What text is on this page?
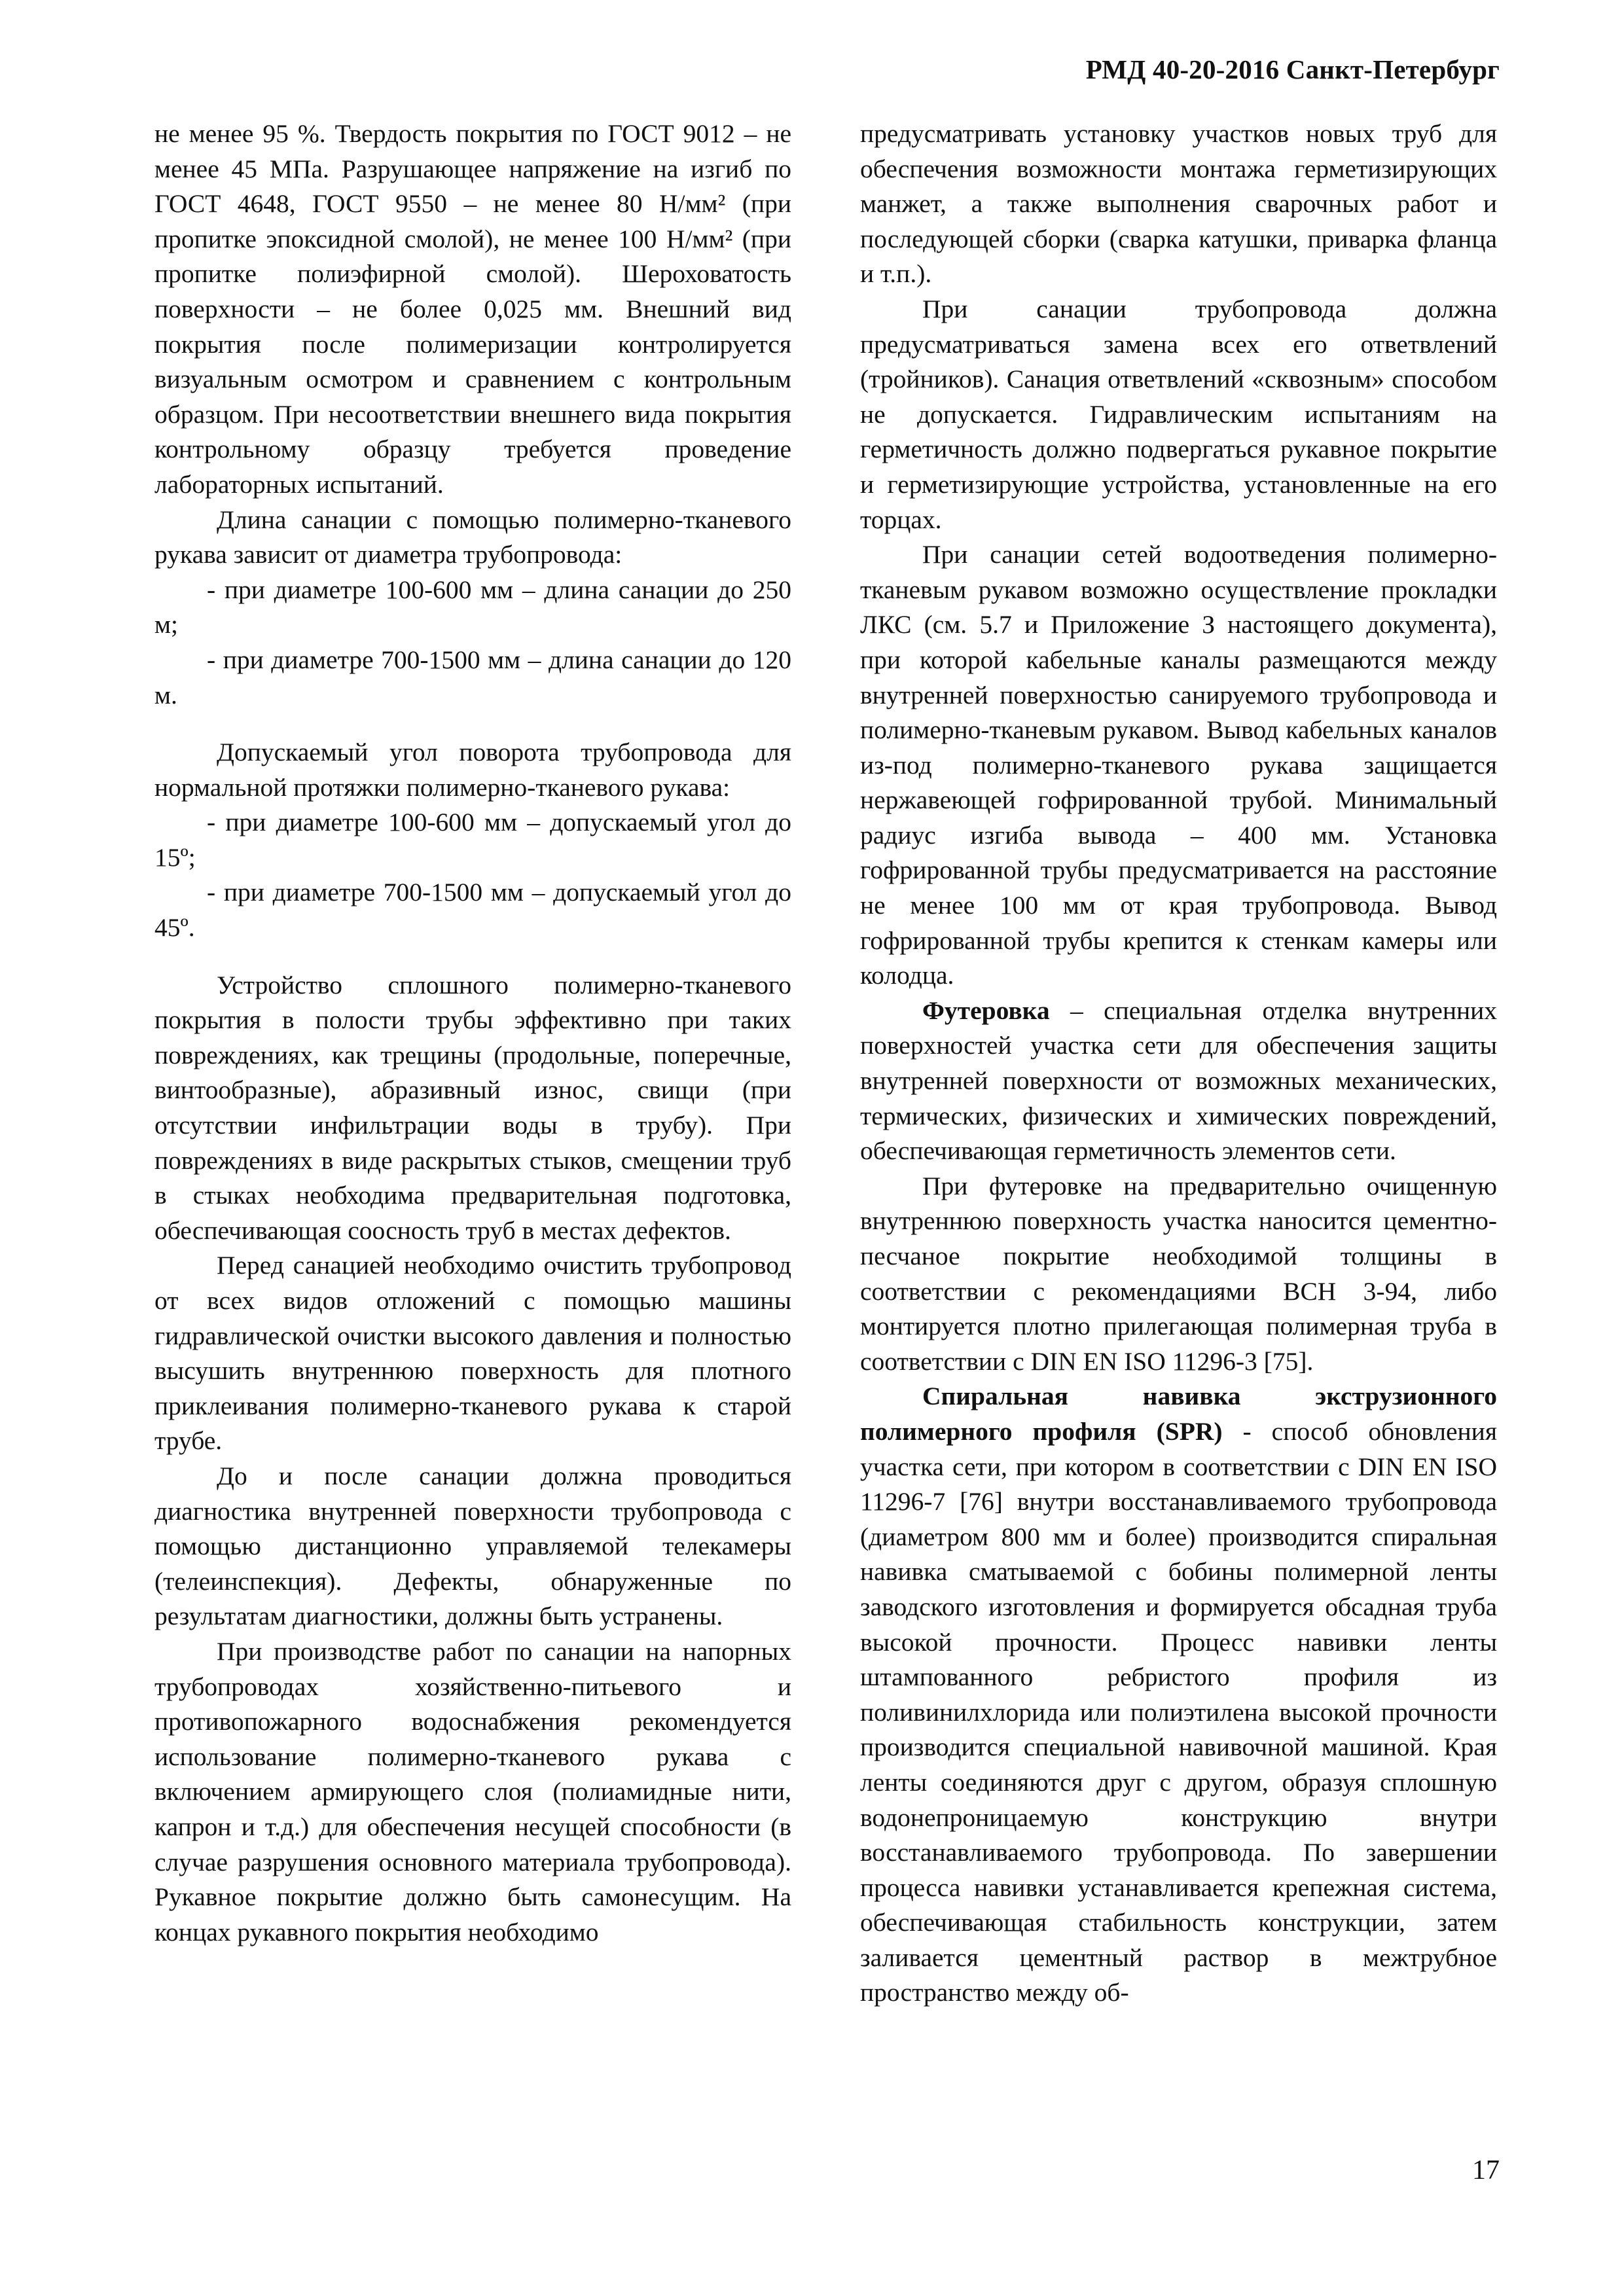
РМД 40-20-2016 Санкт-Петербург

не менее 95 %. Твердость покрытия по ГОСТ 9012 – не менее 45 МПа. Разрушающее напряжение на изгиб по ГОСТ 4648, ГОСТ 9550 – не менее 80 Н/мм² (при пропитке эпоксидной смолой), не менее 100 Н/мм² (при пропитке полиэфирной смолой). Шероховатость поверхности – не более 0,025 мм. Внешний вид покрытия после полимеризации контролируется визуальным осмотром и сравнением с контрольным образцом. При несоответствии внешнего вида покрытия контрольному образцу требуется проведение лабораторных испытаний.

Длина санации с помощью полимерно-тканевого рукава зависит от диаметра трубопровода:

- при диаметре 100-600 мм – длина санации до 250 м;

- при диаметре 700-1500 мм – длина санации до 120 м.

Допускаемый угол поворота трубопровода для нормальной протяжки полимерно-тканевого рукава:

- при диаметре 100-600 мм – допускаемый угол до 15º;

- при диаметре 700-1500 мм – допускаемый угол до 45º.

Устройство сплошного полимерно-тканевого покрытия в полости трубы эффективно при таких повреждениях, как трещины (продольные, поперечные, винтообразные), абразивный износ, свищи (при отсутствии инфильтрации воды в трубу). При повреждениях в виде раскрытых стыков, смещении труб в стыках необходима предварительная подготовка, обеспечивающая соосность труб в местах дефектов.

Перед санацией необходимо очистить трубопровод от всех видов отложений с помощью машины гидравлической очистки высокого давления и полностью высушить внутреннюю поверхность для плотного приклеивания полимерно-тканевого рукава к старой трубе.

До и после санации должна проводиться диагностика внутренней поверхности трубопровода с помощью дистанционно управляемой телекамеры (телеинспекция). Дефекты, обнаруженные по результатам диагностики, должны быть устранены.

При производстве работ по санации на напорных трубопроводах хозяйственно-питьевого и противопожарного водоснабжения рекомендуется использование полимерно-тканевого рукава с включением армирующего слоя (полиамидные нити, капрон и т.д.) для обеспечения несущей способности (в случае разрушения основного материала трубопровода). Рукавное покрытие должно быть самонесущим. На концах рукавного покрытия необходимо

предусматривать установку участков новых труб для обеспечения возможности монтажа герметизирующих манжет, а также выполнения сварочных работ и последующей сборки (сварка катушки, приварка фланца и т.п.).

При санации трубопровода должна предусматриваться замена всех его ответвлений (тройников). Санация ответвлений «сквозным» способом не допускается. Гидравлическим испытаниям на герметичность должно подвергаться рукавное покрытие и герметизирующие устройства, установленные на его торцах.

При санации сетей водоотведения полимерно-тканевым рукавом возможно осуществление прокладки ЛКС (см. 5.7 и Приложение З настоящего документа), при которой кабельные каналы размещаются между внутренней поверхностью санируемого трубопровода и полимерно-тканевым рукавом. Вывод кабельных каналов из-под полимерно-тканевого рукава защищается нержавеющей гофрированной трубой. Минимальный радиус изгиба вывода – 400 мм. Установка гофрированной трубы предусматривается на расстояние не менее 100 мм от края трубопровода. Вывод гофрированной трубы крепится к стенкам камеры или колодца.

Футеровка – специальная отделка внутренних поверхностей участка сети для обеспечения защиты внутренней поверхности от возможных механических, термических, физических и химических повреждений, обеспечивающая герметичность элементов сети.

При футеровке на предварительно очищенную внутреннюю поверхность участка наносится цементно-песчаное покрытие необходимой толщины в соответствии с рекомендациями ВСН 3-94, либо монтируется плотно прилегающая полимерная труба в соответствии с DIN EN ISO 11296-3 [75].

Спиральная навивка экструзионного полимерного профиля (SPR) - способ обновления участка сети, при котором в соответствии с DIN EN ISO 11296-7 [76] внутри восстанавливаемого трубопровода (диаметром 800 мм и более) производится спиральная навивка сматываемой с бобины полимерной ленты заводского изготовления и формируется обсадная труба высокой прочности. Процесс навивки ленты штампованного ребристого профиля из поливинилхлорида или полиэтилена высокой прочности производится специальной навивочной машиной. Края ленты соединяются друг с другом, образуя сплошную водонепроницаемую конструкцию внутри восстанавливаемого трубопровода. По завершении процесса навивки устанавливается крепежная система, обеспечивающая стабильность конструкции, затем заливается цементный раствор в межтрубное пространство между об-

17
